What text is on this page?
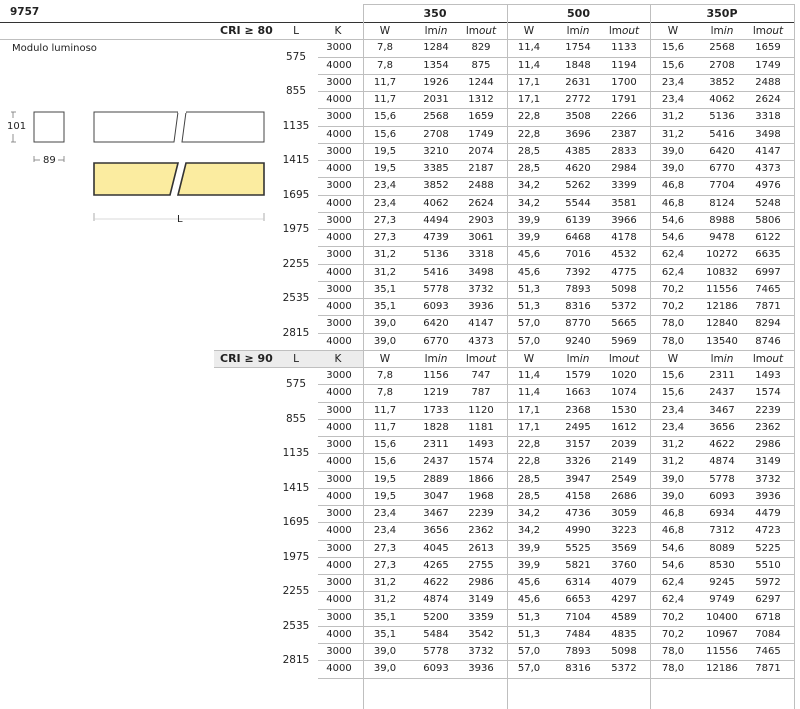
9757
Modulo luminoso
350	500	350P
101
89
L
CRI ≥ 80	L	K	W	lmin	lmout	W	lmin	lmout	W	lmin	lmout
575
3000	7,8	1284	829	11,4	1754	1133	15,6	2568	1659
4000	7,8	1354	875	11,4	1848	1194	15,6	2708	1749
855
3000	11,7	1926	1244	17,1	2631	1700	23,4	3852	2488
4000	11,7	2031	1312	17,1	2772	1791	23,4	4062	2624
1135
3000	15,6	2568	1659	22,8	3508	2266	31,2	5136	3318
4000	15,6	2708	1749	22,8	3696	2387	31,2	5416	3498
1415
3000	19,5	3210	2074	28,5	4385	2833	39,0	6420	4147
4000	19,5	3385	2187	28,5	4620	2984	39,0	6770	4373
1695
3000	23,4	3852	2488	34,2	5262	3399	46,8	7704	4976
4000	23,4	4062	2624	34,2	5544	3581	46,8	8124	5248
1975
3000	27,3	4494	2903	39,9	6139	3966	54,6	8988	5806
4000	27,3	4739	3061	39,9	6468	4178	54,6	9478	6122
2255
3000	31,2	5136	3318	45,6	7016	4532	62,4	10272	6635
4000	31,2	5416	3498	45,6	7392	4775	62,4	10832	6997
2535
3000	35,1	5778	3732	51,3	7893	5098	70,2	11556	7465
4000	35,1	6093	3936	51,3	8316	5372	70,2	12186	7871
2815
3000	39,0	6420	4147	57,0	8770	5665	78,0	12840	8294
4000	39,0	6770	4373	57,0	9240	5969	78,0	13540	8746
CRI ≥ 90	L	K	W	lmin	lmout	W	lmin	lmout	W	lmin	lmout
575
3000	7,8	1156	747	11,4	1579	1020	15,6	2311	1493
4000	7,8	1219	787	11,4	1663	1074	15,6	2437	1574
855
3000	11,7	1733	1120	17,1	2368	1530	23,4	3467	2239
4000	11,7	1828	1181	17,1	2495	1612	23,4	3656	2362
1135
3000	15,6	2311	1493	22,8	3157	2039	31,2	4622	2986
4000	15,6	2437	1574	22,8	3326	2149	31,2	4874	3149
1415
3000	19,5	2889	1866	28,5	3947	2549	39,0	5778	3732
4000	19,5	3047	1968	28,5	4158	2686	39,0	6093	3936
1695
3000	23,4	3467	2239	34,2	4736	3059	46,8	6934	4479
4000	23,4	3656	2362	34,2	4990	3223	46,8	7312	4723
1975
3000	27,3	4045	2613	39,9	5525	3569	54,6	8089	5225
4000	27,3	4265	2755	39,9	5821	3760	54,6	8530	5510
2255
3000	31,2	4622	2986	45,6	6314	4079	62,4	9245	5972
4000	31,2	4874	3149	45,6	6653	4297	62,4	9749	6297
2535
3000	35,1	5200	3359	51,3	7104	4589	70,2	10400	6718
4000	35,1	5484	3542	51,3	7484	4835	70,2	10967	7084
2815
3000	39,0	5778	3732	57,0	7893	5098	78,0	11556	7465
4000	39,0	6093	3936	57,0	8316	5372	78,0	12186	7871
